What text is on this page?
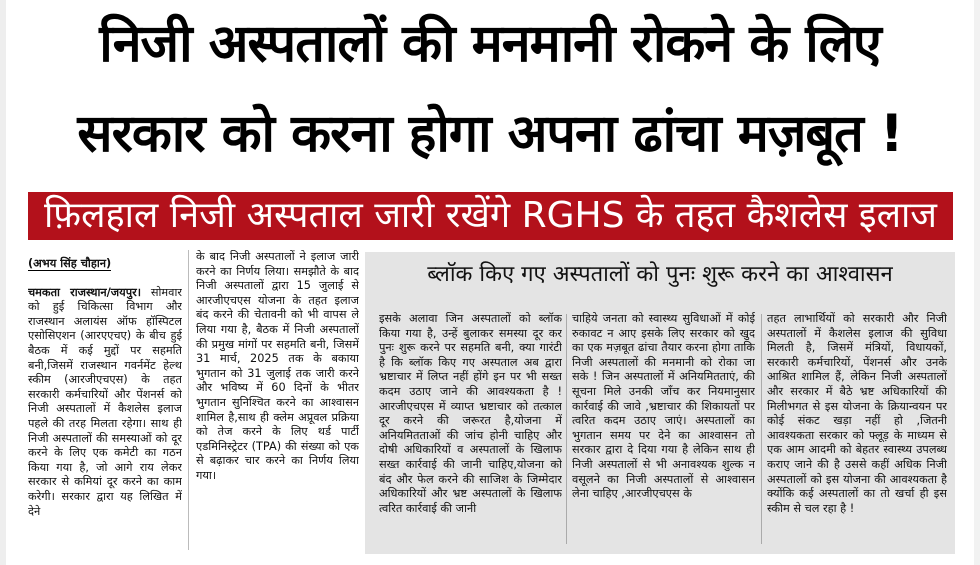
निजी अस्पतालों की मनमानी रोकने के लिए
सरकार को करना होगा अपना ढांचा मज़बूत !
फ़िलहाल निजी अस्पताल जारी रखेंगे RGHS के तहत कैशलेस इलाज

(अभय सिंह चौहान)

चमकता राजस्थान/जयपुर। सोमवार को हुई चिकित्सा विभाग और राजस्थान अलायंस ऑफ हॉस्पिटल एसोसिएशन (आरएएचए) के बीच हुई बैठक में कई मुद्दों पर सहमति बनी,जिसमें राजस्थान गवर्नमेंट हेल्थ स्कीम (आरजीएचएस) के तहत सरकारी कर्मचारियों और पेंशनर्स को निजी अस्पतालों में कैशलेस इलाज पहले की तरह मिलता रहेगा। साथ ही निजी अस्पतालों की समस्याओं को दूर करने के लिए एक कमेटी का गठन किया गया है, जो आगे राय लेकर सरकार से कमियां दूर करने का काम करेगी। सरकार द्वारा यह लिखित में देने

के बाद निजी अस्पतालों ने इलाज जारी करने का निर्णय लिया। समझौते के बाद निजी अस्पतालों द्वारा 15 जुलाई से आरजीएचएस योजना के तहत इलाज बंद करने की चेतावनी को भी वापस ले लिया गया है, बैठक में निजी अस्पतालों की प्रमुख मांगों पर सहमति बनी, जिसमें 31 मार्च, 2025 तक के बकाया भुगतान को 31 जुलाई तक जारी करने और भविष्य में 60 दिनों के भीतर भुगतान सुनिश्चित करने का आश्वासन शामिल है,साथ ही क्लेम अप्रूवल प्रक्रिया को तेज करने के लिए थर्ड पार्टी एडमिनिस्ट्रेटर (TPA) की संख्या को एक से बढ़ाकर चार करने का निर्णय लिया गया।

ब्लॉक किए गए अस्पतालों को पुनः शुरू करने का आश्वासन

इसके अलावा जिन अस्पतालों को ब्लॉक किया गया है, उन्हें बुलाकर समस्या दूर कर पुनः शुरू करने पर सहमति बनी, क्या गारंटी है कि ब्लॉक किए गए अस्पताल अब द्वारा भ्रष्टाचार में लिप्त नहीं होंगे इन पर भी सख्त कदम उठाए जाने की आवश्यकता है ! आरजीएचएस में व्याप्त भ्रष्टाचार को तत्काल दूर करने की जरूरत है,योजना में अनियमितताओं की जांच होनी चाहिए और दोषी अधिकारियों व अस्पतालों के खिलाफ सख्त कार्रवाई की जानी चाहिए,योजना को बंद और फेल करने की साजिश के जिम्मेदार अधिकारियों और भ्रष्ट अस्पतालों के खिलाफ त्वरित कार्रवाई की जानी

चाहिये जनता को स्वास्थ्य सुविधाओं में कोई रुकावट न आए इसके लिए सरकार को खुद का एक मज़बूत ढांचा तैयार करना होगा ताकि निजी अस्पतालों की मनमानी को रोका जा सके ! जिन अस्पतालों में अनियमितताएं, की सूचना मिले उनकी जाँच कर नियमानुसार कार्रवाई की जावे ,भ्रष्टाचार की शिकायतों पर त्वरित कदम उठाए जाएं। अस्पतालों का भुगतान समय पर देने का आश्वासन तो सरकार द्वारा दे दिया गया है लेकिन साथ ही निजी अस्पतालों से भी अनावश्यक शुल्क न वसूलने का निजी अस्पतालों से आश्वासन लेना चाहिए ,आरजीएचएस के

तहत लाभार्थियों को सरकारी और निजी अस्पतालों में कैशलेस इलाज की सुविधा मिलती है, जिसमें मंत्रियों, विधायकों, सरकारी कर्मचारियों, पेंशनर्स और उनके आश्रित शामिल हैं, लेकिन निजी अस्पतालों और सरकार में बैठे भ्रष्ट अधिकारियों की मिलीभगत से इस योजना के क्रियान्वयन पर कोई संकट खड़ा नहीं हो ,जितनी आवश्यकता सरकार को फ्लूड़ के माध्यम से एक आम आदमी को बेहतर स्वास्थ्य उपलब्ध कराए जाने की है उससे कहीं अधिक निजी अस्पतालों को इस योजना की आवश्यकता है क्योंकि कई अस्पतालों का तो खर्चा ही इस स्कीम से चल रहा है !
